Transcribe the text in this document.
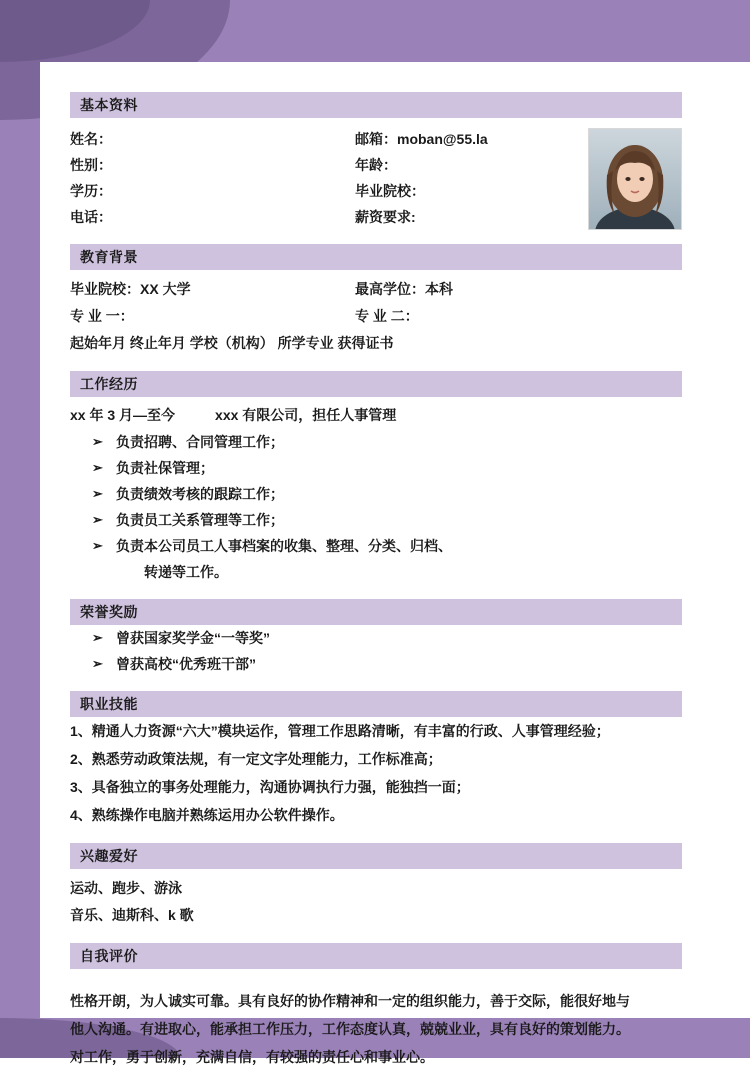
基本资料
姓名：	邮箱：moban@55.la
性别：	年龄：
学历：	毕业院校：
电话：	薪资要求:
教育背景
毕业院校：XX 大学	最高学位：本科
专 业 一：	专 业 二：
起始年月 终止年月 学校（机构） 所学专业 获得证书
工作经历
xx 年 3 月—至今	xxx 有限公司，担任人事管理
➢ 负责招聘、合同管理工作；
➢ 负责社保管理；
➢ 负责绩效考核的跟踪工作；
➢ 负责员工关系管理等工作；
➢ 负责本公司员工人事档案的收集、整理、分类、归档、
转递等工作。
荣誉奖励
➢ 曾获国家奖学金“一等奖”
➢ 曾获高校“优秀班干部”
职业技能
1、精通人力资源“六大”模块运作，管理工作思路清晰，有丰富的行政、人事管理经验；
2、熟悉劳动政策法规，有一定文字处理能力，工作标准高；
3、具备独立的事务处理能力，沟通协调执行力强，能独挡一面；
4、熟练操作电脑并熟练运用办公软件操作。
兴趣爱好
运动、跑步、游泳
音乐、迪斯科、k 歌
自我评价

性格开朗，为人诚实可靠。具有良好的协作精神和一定的组织能力，善于交际，能很好地与

他人沟通。有进取心，能承担工作压力，工作态度认真，兢兢业业，具有良好的策划能力。

对工作，勇于创新，充满自信，有较强的责任心和事业心。
